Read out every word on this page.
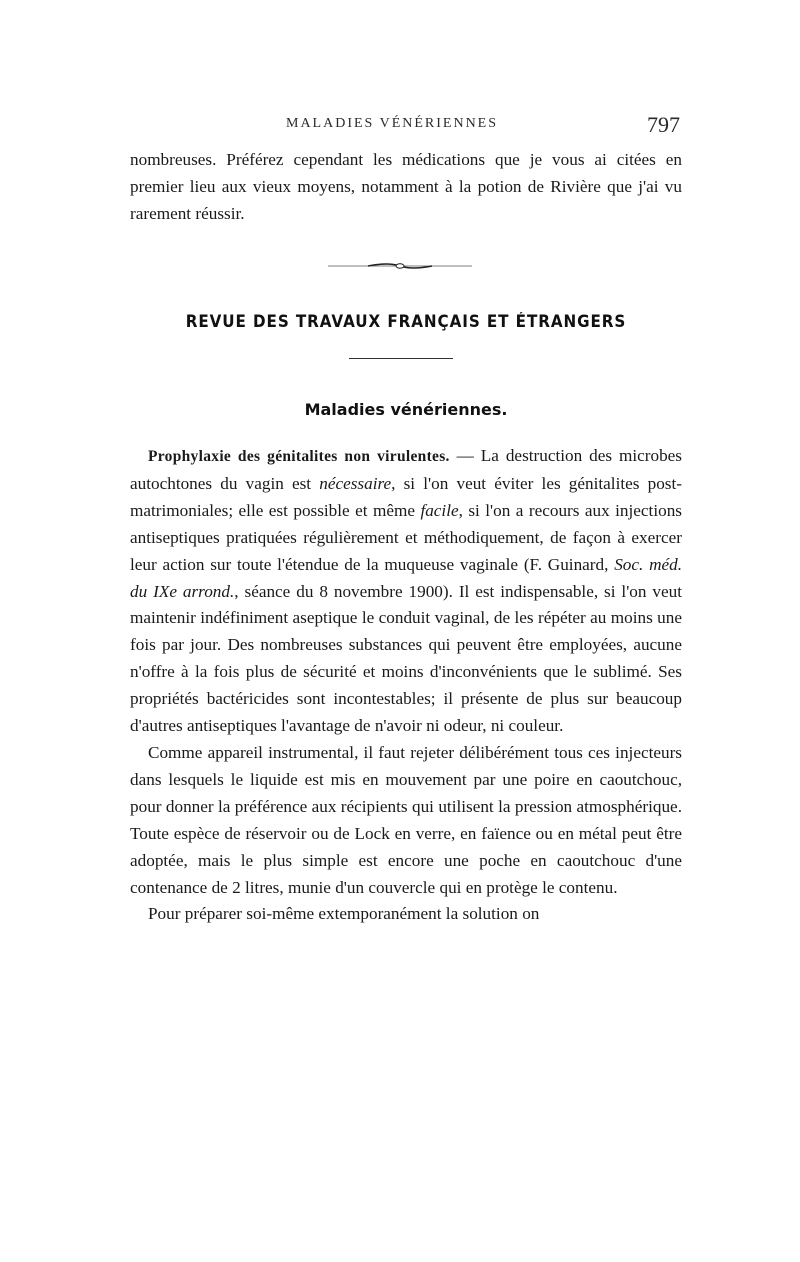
MALADIES VÉNÉRIENNES	797

nombreuses. Préférez cependant les médications que je vous ai citées en premier lieu aux vieux moyens, notamment à la potion de Rivière que j'ai vu rarement réussir.

REVUE DES TRAVAUX FRANÇAIS ET ÉTRANGERS
Maladies vénériennes.

Prophylaxie des génitalites non virulentes. — La destruction des microbes autochtones du vagin est nécessaire, si l'on veut éviter les génitalites post-matrimoniales; elle est possible et même facile, si l'on a recours aux injections antiseptiques pratiquées régulièrement et méthodiquement, de façon à exercer leur action sur toute l'étendue de la muqueuse vaginale (F. Guinard, Soc. méd. du IXe arrond., séance du 8 novembre 1900). Il est indispensable, si l'on veut maintenir indéfiniment aseptique le conduit vaginal, de les répéter au moins une fois par jour. Des nombreuses substances qui peuvent être employées, aucune n'offre à la fois plus de sécurité et moins d'inconvénients que le sublimé. Ses propriétés bactéricides sont incontestables; il présente de plus sur beaucoup d'autres antiseptiques l'avantage de n'avoir ni odeur, ni couleur.

Comme appareil instrumental, il faut rejeter délibérément tous ces injecteurs dans lesquels le liquide est mis en mouvement par une poire en caoutchouc, pour donner la préférence aux récipients qui utilisent la pression atmosphérique. Toute espèce de réservoir ou de Lock en verre, en faïence ou en métal peut être adoptée, mais le plus simple est encore une poche en caoutchouc d'une contenance de 2 litres, munie d'un couvercle qui en protège le contenu.

Pour préparer soi-même extemporanément la solution on
